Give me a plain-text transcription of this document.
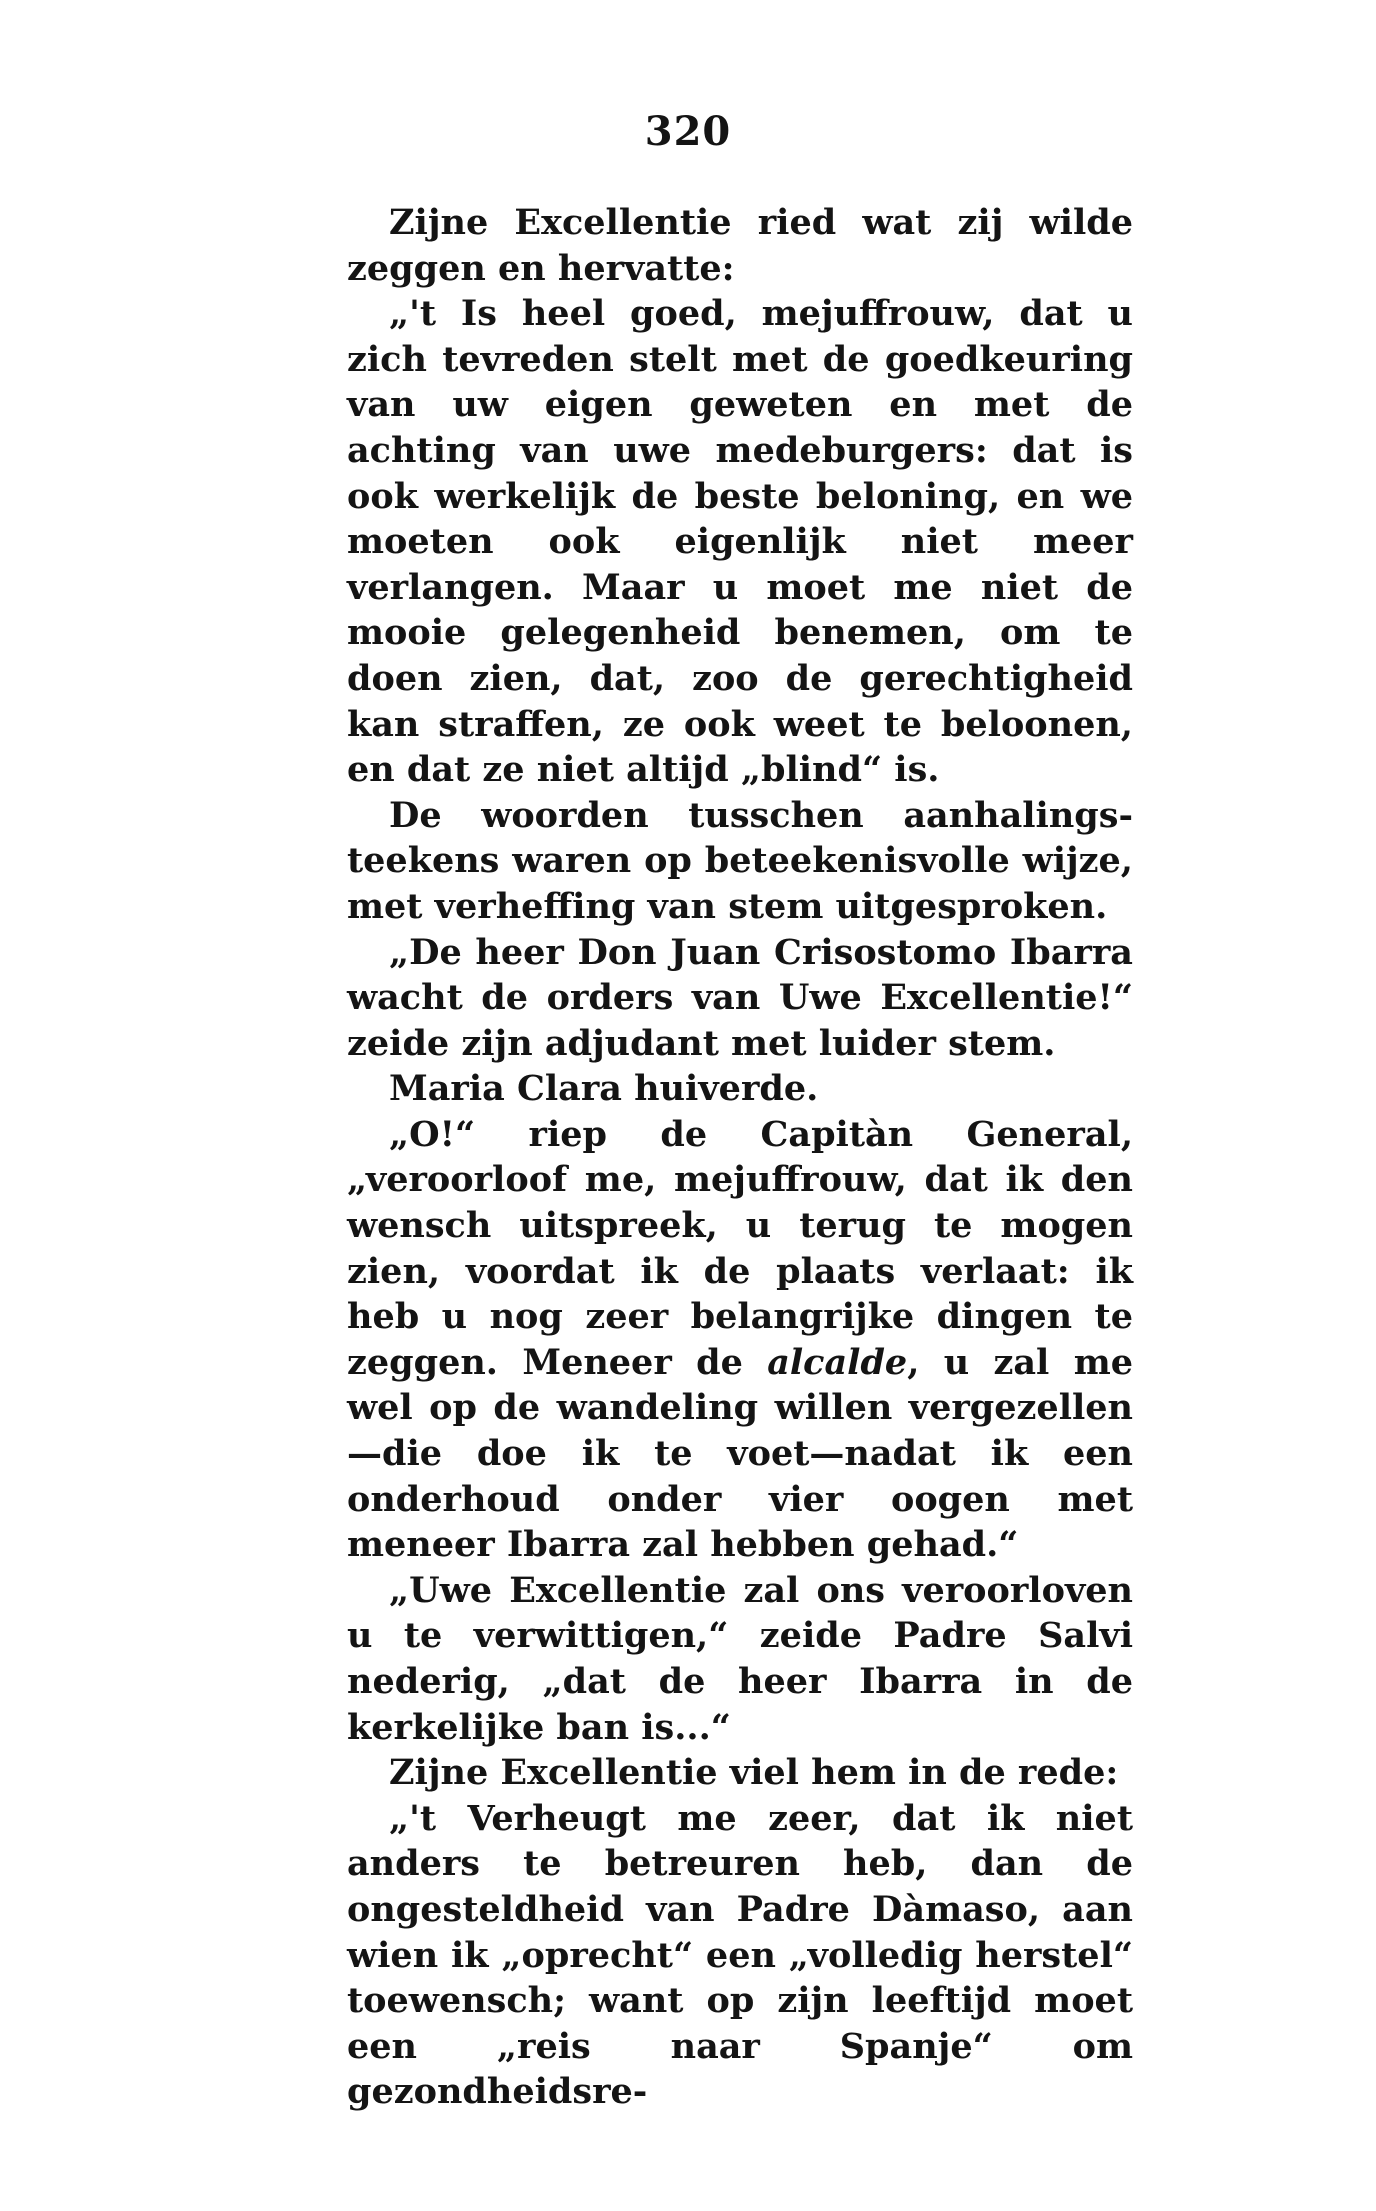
320

Zijne Excellentie ried wat zij wilde zeggen en hervatte:

„'t Is heel goed, mejuffrouw, dat u zich tevreden stelt met de goedkeuring van uw eigen geweten en met de achting van uwe medeburgers: dat is ook werkelijk de beste beloning, en we moeten ook eigenlijk niet meer verlangen. Maar u moet me niet de mooie gelegenheid benemen, om te doen zien, dat, zoo de gerechtigheid kan straffen, ze ook weet te beloonen, en dat ze niet altijd „blind“ is.

De woorden tusschen aanhalings-teekens waren op beteekenisvolle wijze, met verheffing van stem uitgesproken.

„De heer Don Juan Crisostomo Ibarra wacht de orders van Uwe Excellentie!“ zeide zijn adjudant met luider stem.

Maria Clara huiverde.

„O!“ riep de Capitàn General, „veroorloof me, mejuffrouw, dat ik den wensch uitspreek, u terug te mogen zien, voordat ik de plaats verlaat: ik heb u nog zeer belangrijke dingen te zeggen. Meneer de alcalde, u zal me wel op de wandeling willen vergezellen—die doe ik te voet—nadat ik een onderhoud onder vier oogen met meneer Ibarra zal hebben gehad.“

„Uwe Excellentie zal ons veroorloven u te verwittigen,“ zeide Padre Salvi nederig, „dat de heer Ibarra in de kerkelijke ban is...“

Zijne Excellentie viel hem in de rede:

„'t Verheugt me zeer, dat ik niet anders te betreuren heb, dan de ongesteldheid van Padre Dàmaso, aan wien ik „oprecht“ een „volledig herstel“ toewensch; want op zijn leeftijd moet een „reis naar Spanje“ om gezondheidsre-
